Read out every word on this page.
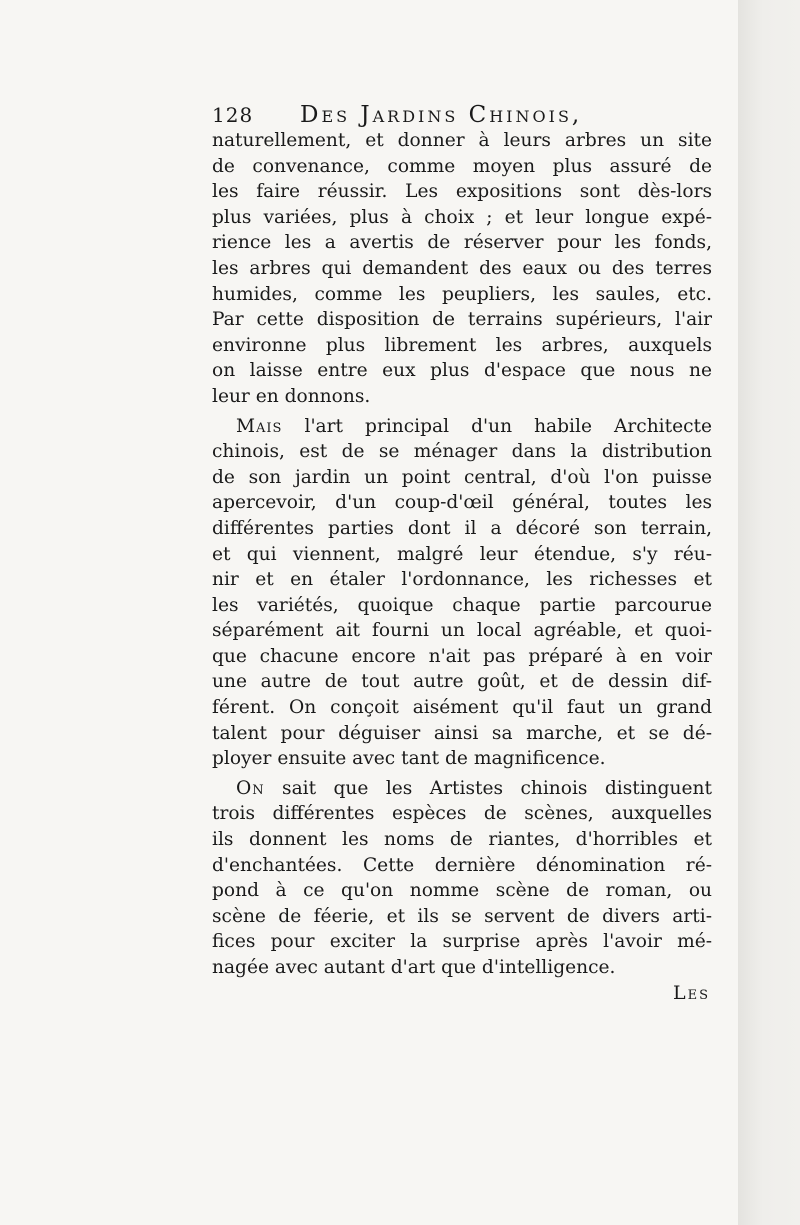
128 Des Jardins Chinois,
naturellement, et donner à leurs arbres un site
de convenance, comme moyen plus assuré de
les faire réussir. Les expositions sont dès-lors
plus variées, plus à choix ; et leur longue expé-
rience les a avertis de réserver pour les fonds,
les arbres qui demandent des eaux ou des terres
humides, comme les peupliers, les saules, etc.
Par cette disposition de terrains supérieurs, l'air
environne plus librement les arbres, auxquels
on laisse entre eux plus d'espace que nous ne
leur en donnons.
Mais l'art principal d'un habile Architecte
chinois, est de se ménager dans la distribution
de son jardin un point central, d'où l'on puisse
apercevoir, d'un coup-d'œil général, toutes les
différentes parties dont il a décoré son terrain,
et qui viennent, malgré leur étendue, s'y réu-
nir et en étaler l'ordonnance, les richesses et
les variétés, quoique chaque partie parcourue
séparément ait fourni un local agréable, et quoi-
que chacune encore n'ait pas préparé à en voir
une autre de tout autre goût, et de dessin dif-
férent. On conçoit aisément qu'il faut un grand
talent pour déguiser ainsi sa marche, et se dé-
ployer ensuite avec tant de magnificence.
On sait que les Artistes chinois distinguent
trois différentes espèces de scènes, auxquelles
ils donnent les noms de riantes, d'horribles et
d'enchantées. Cette dernière dénomination ré-
pond à ce qu'on nomme scène de roman, ou
scène de féerie, et ils se servent de divers arti-
fices pour exciter la surprise après l'avoir mé-
nagée avec autant d'art que d'intelligence.
Les
